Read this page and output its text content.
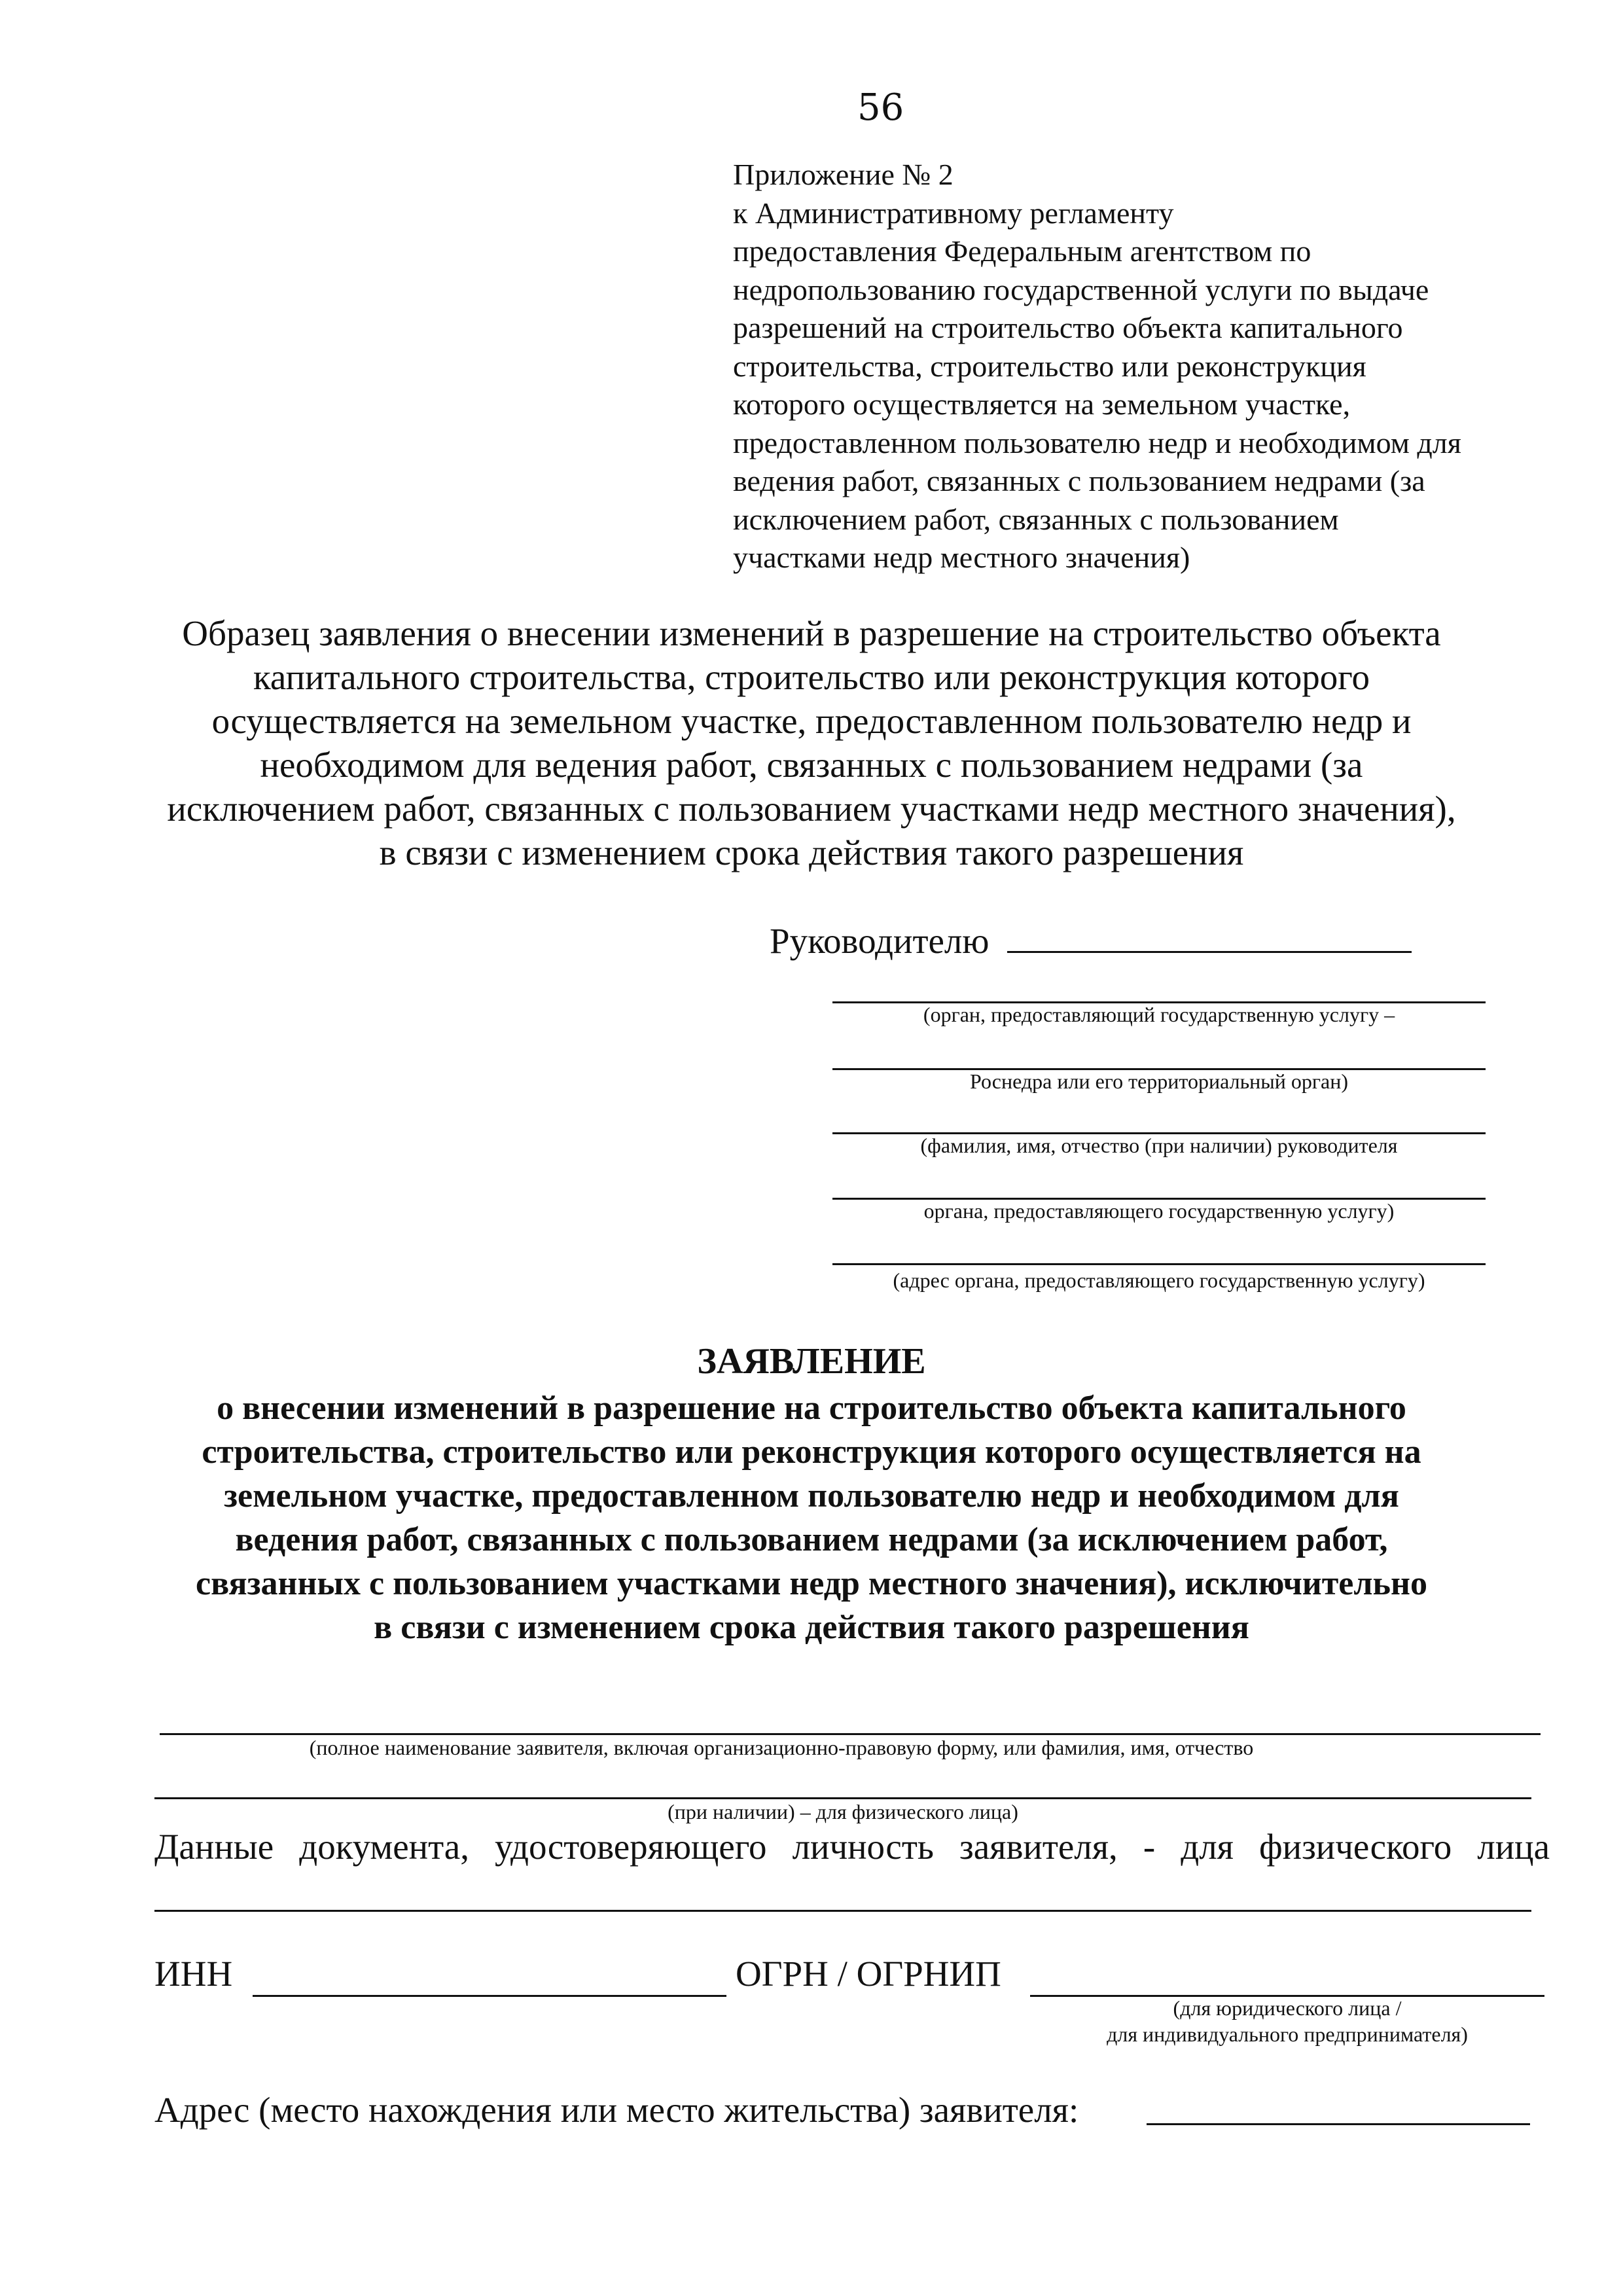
56
Приложение № 2
к Административному регламенту
предоставления Федеральным агентством по
недропользованию государственной услуги по выдаче
разрешений на строительство объекта капитального
строительства, строительство или реконструкция
которого осуществляется на земельном участке,
предоставленном пользователю недр и необходимом для
ведения работ, связанных с пользованием недрами (за
исключением работ, связанных с пользованием
участками недр местного значения)
Образец заявления о внесении изменений в разрешение на строительство объекта
капитального строительства, строительство или реконструкция которого
осуществляется на земельном участке, предоставленном пользователю недр и
необходимом для ведения работ, связанных с пользованием недрами (за
исключением работ, связанных с пользованием участками недр местного значения),
в связи с изменением срока действия такого разрешения
Руководителю
(орган, предоставляющий государственную услугу –
Роснедра или его территориальный орган)
(фамилия, имя, отчество (при наличии) руководителя
органа, предоставляющего государственную услугу)
(адрес органа, предоставляющего государственную услугу)
ЗАЯВЛЕНИЕ
о внесении изменений в разрешение на строительство объекта капитального
строительства, строительство или реконструкция которого осуществляется на
земельном участке, предоставленном пользователю недр и необходимом для
ведения работ, связанных с пользованием недрами (за исключением работ,
связанных с пользованием участками недр местного значения), исключительно
в связи с изменением срока действия такого разрешения
(полное наименование заявителя, включая организационно-правовую форму, или фамилия, имя, отчество
(при наличии) – для физического лица)
Данные документа, удостоверяющего личность заявителя, - для физического лица
ИНН	ОГРН / ОГРНИП
(для юридического лица /
для индивидуального предпринимателя)
Адрес (место нахождения или место жительства) заявителя:
